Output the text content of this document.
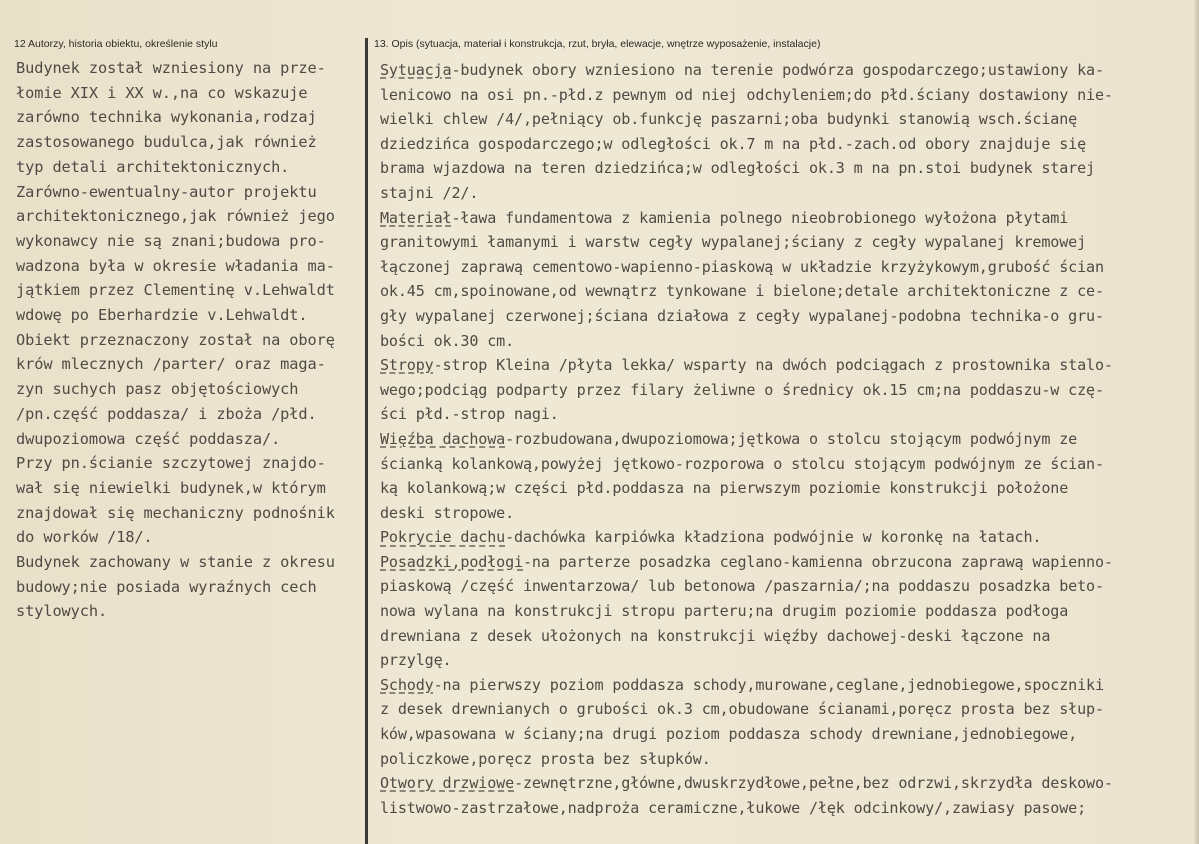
12 Autorzy, historia obiektu, określenie stylu	13. Opis (sytuacja, materiał i konstrukcja, rzut, bryła, elewacje, wnętrze wyposażenie, instalacje)
Budynek został wzniesiony na prze-
łomie XIX i XX w.,na co wskazuje
zarówno technika wykonania,rodzaj
zastosowanego budulca,jak również
typ detali architektonicznych.
Zarówno-ewentualny-autor projektu
architektonicznego,jak również jego
wykonawcy nie są znani;budowa pro-
wadzona była w okresie władania ma-
jątkiem przez Clementinę v.Lehwaldt
wdowę po Eberhardzie v.Lehwaldt.
Obiekt przeznaczony został na oborę
krów mlecznych /parter/ oraz maga-
zyn suchych pasz objętościowych
/pn.część poddasza/ i zboża /płd.
dwupoziomowa część poddasza/.
Przy pn.ścianie szczytowej znajdo-
wał się niewielki budynek,w którym
znajdował się mechaniczny podnośnik
do worków /18/.
Budynek zachowany w stanie z okresu
budowy;nie posiada wyraźnych cech
stylowych.
Sytuacja-budynek obory wzniesiono na terenie podwórza gospodarczego;ustawiony ka-
lenicowo na osi pn.-płd.z pewnym od niej odchyleniem;do płd.ściany dostawiony nie-
wielki chlew /4/,pełniący ob.funkcję paszarni;oba budynki stanowią wsch.ścianę
dziedzińca gospodarczego;w odległości ok.7 m na płd.-zach.od obory znajduje się
brama wjazdowa na teren dziedzińca;w odległości ok.3 m na pn.stoi budynek starej
stajni /2/.
Materiał-ława fundamentowa z kamienia polnego nieobrobionego wyłożona płytami
granitowymi łamanymi i warstw cegły wypalanej;ściany z cegły wypalanej kremowej
łączonej zaprawą cementowo-wapienno-piaskową w układzie krzyżykowym,grubość ścian
ok.45 cm,spoinowane,od wewnątrz tynkowane i bielone;detale architektoniczne z ce-
gły wypalanej czerwonej;ściana działowa z cegły wypalanej-podobna technika-o gru-
bości ok.30 cm.
Stropy-strop Kleina /płyta lekka/ wsparty na dwóch podciągach z prostownika stalo-
wego;podciąg podparty przez filary żeliwne o średnicy ok.15 cm;na poddaszu-w czę-
ści płd.-strop nagi.
Więźba dachowa-rozbudowana,dwupoziomowa;jętkowa o stolcu stojącym podwójnym ze
ścianką kolankową,powyżej jętkowo-rozporowa o stolcu stojącym podwójnym ze ścian-
ką kolankową;w części płd.poddasza na pierwszym poziomie konstrukcji położone
deski stropowe.
Pokrycie dachu-dachówka karpiówka kładziona podwójnie w koronkę na łatach.
Posadzki,podłogi-na parterze posadzka ceglano-kamienna obrzucona zaprawą wapienno-
piaskową /część inwentarzowa/ lub betonowa /paszarnia/;na poddaszu posadzka beto-
nowa wylana na konstrukcji stropu parteru;na drugim poziomie poddasza podłoga
drewniana z desek ułożonych na konstrukcji więźby dachowej-deski łączone na
przylgę.
Schody-na pierwszy poziom poddasza schody,murowane,ceglane,jednobiegowe,spoczniki
z desek drewnianych o grubości ok.3 cm,obudowane ścianami,poręcz prosta bez słup-
ków,wpasowana w ściany;na drugi poziom poddasza schody drewniane,jednobiegowe,
policzkowe,poręcz prosta bez słupków.
Otwory drzwiowe-zewnętrzne,główne,dwuskrzydłowe,pełne,bez odrzwi,skrzydła deskowo-
listwowo-zastrzałowe,nadproża ceramiczne,łukowe /łęk odcinkowy/,zawiasy pasowe;
